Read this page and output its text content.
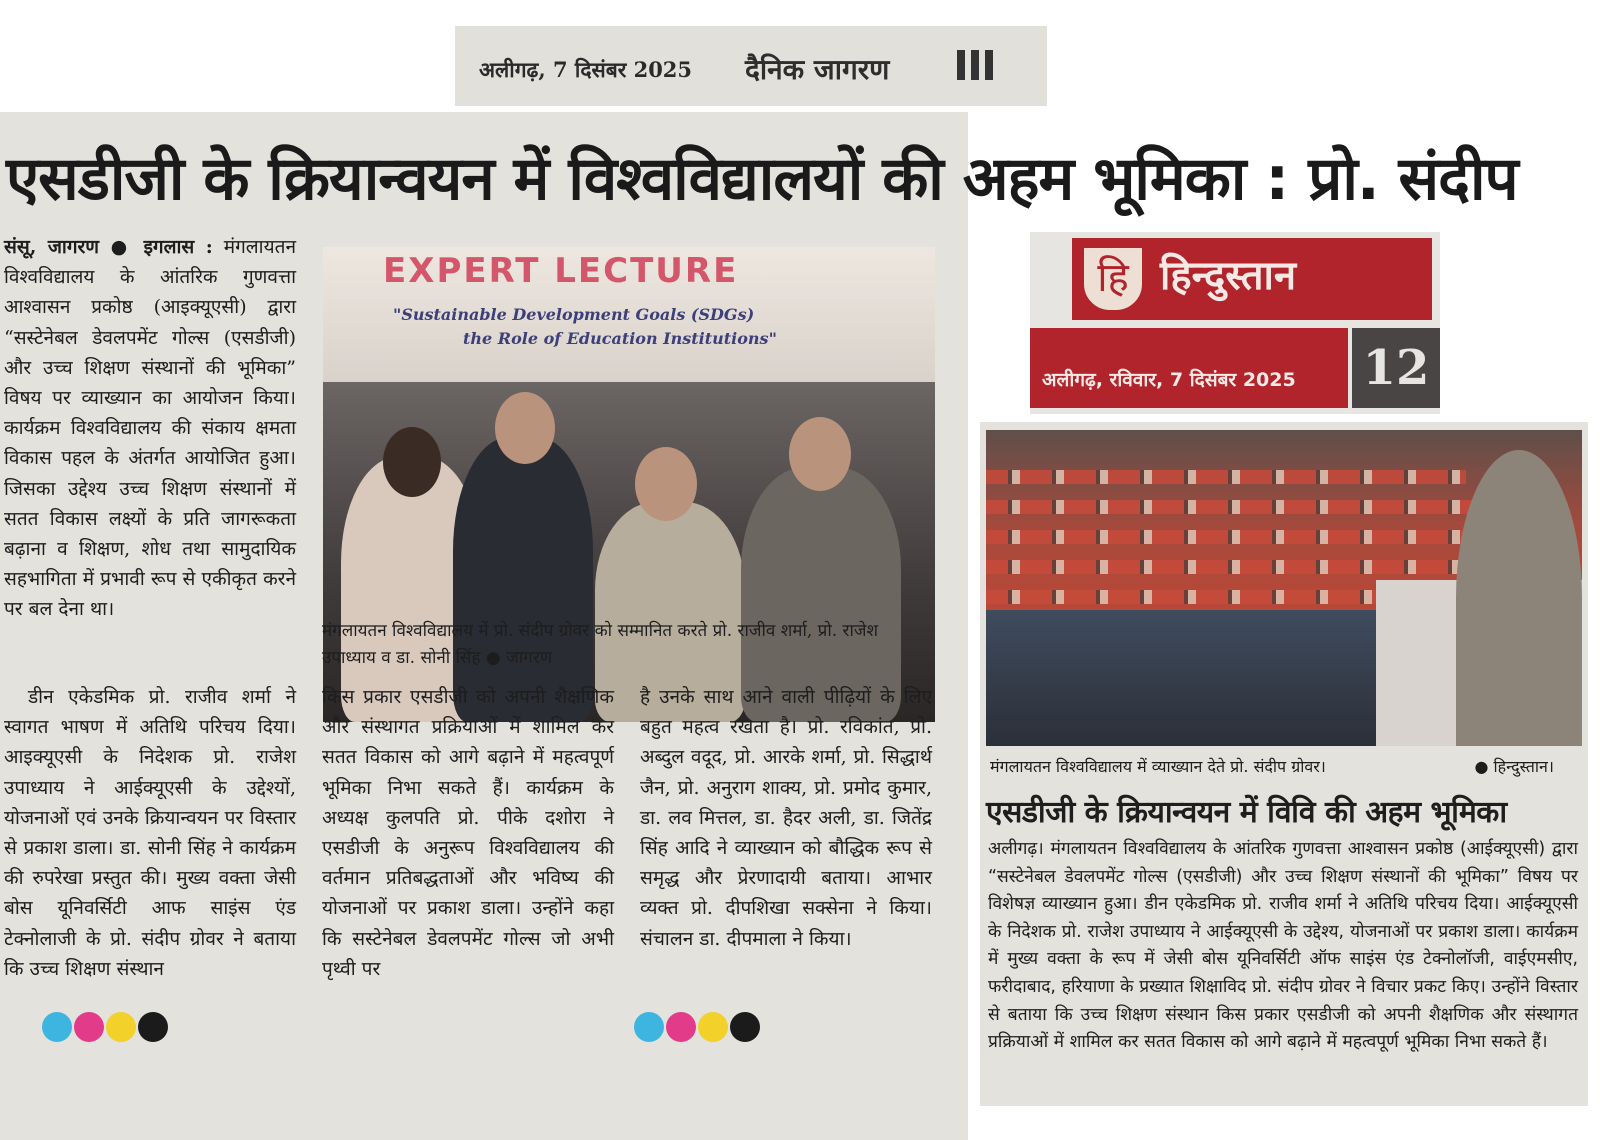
अलीगढ़, 7 दिसंबर 2025 दैनिक जागरण
एसडीजी के क्रियान्वयन में विश्वविद्यालयों की अहम भूमिका : प्रो. संदीप

संसू, जागरण ● इगलास : मंगलायतन विश्वविद्यालय के आंतरिक गुणवत्ता आश्वासन प्रकोष्ठ (आइक्यूएसी) द्वारा “सस्टेनेबल डेवलपमेंट गोल्स (एसडीजी) और उच्च शिक्षण संस्थानों की भूमिका” विषय पर व्याख्यान का आयोजन किया। कार्यक्रम विश्वविद्यालय की संकाय क्षमता विकास पहल के अंतर्गत आयोजित हुआ। जिसका उद्देश्य उच्च शिक्षण संस्थानों में सतत विकास लक्ष्यों के प्रति जागरूकता बढ़ाना व शिक्षण, शोध तथा सामुदायिक सहभागिता में प्रभावी रूप से एकीकृत करने पर बल देना था।

डीन एकेडमिक प्रो. राजीव शर्मा ने स्वागत भाषण में अतिथि परिचय दिया। आइक्यूएसी के निदेशक प्रो. राजेश उपाध्याय ने आईक्यूएसी के उद्देश्यों, योजनाओं एवं उनके क्रियान्वयन पर विस्तार से प्रकाश डाला। डा. सोनी सिंह ने कार्यक्रम की रुपरेखा प्रस्तुत की। मुख्य वक्ता जेसी बोस यूनिवर्सिटी आफ साइंस एंड टेक्नोलाजी के प्रो. संदीप ग्रोवर ने बताया कि उच्च शिक्षण संस्थान

EXPERT LECTURE
"Sustainable Development Goals (SDGs)
the Role of Education Institutions"
मंगलायतन विश्वविद्यालय में प्रो. संदीप ग्रोवर को सम्मानित करते प्रो. राजीव शर्मा, प्रो. राजेश उपाध्याय व डा. सोनी सिंह ● जागरण

किस प्रकार एसडीजी को अपनी शैक्षणिक और संस्थागत प्रक्रियाओं में शामिल कर सतत विकास को आगे बढ़ाने में महत्वपूर्ण भूमिका निभा सकते हैं। कार्यक्रम के अध्यक्ष कुलपति प्रो. पीके दशोरा ने एसडीजी के अनुरूप विश्वविद्यालय की वर्तमान प्रतिबद्धताओं और भविष्य की योजनाओं पर प्रकाश डाला। उन्होंने कहा कि सस्टेनेबल डेवलपमेंट गोल्स जो अभी पृथ्वी पर

है उनके साथ आने वाली पीढ़ियों के लिए बहुत महत्व रखता है। प्रो. रविकांत, प्रो. अब्दुल वदूद, प्रो. आरके शर्मा, प्रो. सिद्धार्थ जैन, प्रो. अनुराग शाक्य, प्रो. प्रमोद कुमार, डा. लव मित्तल, डा. हैदर अली, डा. जितेंद्र सिंह आदि ने व्याख्यान को बौद्धिक रूप से समृद्ध और प्रेरणादायी बताया। आभार व्यक्त प्रो. दीपशिखा सक्सेना ने किया। संचालन डा. दीपमाला ने किया।

हि हिन्दुस्तान
अलीगढ़, रविवार, 7 दिसंबर 2025 12
मंगलायतन विश्वविद्यालय में व्याख्यान देते प्रो. संदीप ग्रोवर।	● हिन्दुस्तान।
एसडीजी के क्रियान्वयन में विवि की अहम भूमिका

अलीगढ़। मंगलायतन विश्वविद्यालय के आंतरिक गुणवत्ता आश्वासन प्रकोष्ठ (आईक्यूएसी) द्वारा “सस्टेनेबल डेवलपमेंट गोल्स (एसडीजी) और उच्च शिक्षण संस्थानों की भूमिका” विषय पर विशेषज्ञ व्याख्यान हुआ। डीन एकेडमिक प्रो. राजीव शर्मा ने अतिथि परिचय दिया। आईक्यूएसी के निदेशक प्रो. राजेश उपाध्याय ने आईक्यूएसी के उद्देश्य, योजनाओं पर प्रकाश डाला। कार्यक्रम में मुख्य वक्ता के रूप में जेसी बोस यूनिवर्सिटी ऑफ साइंस एंड टेक्नोलॉजी, वाईएमसीए, फरीदाबाद, हरियाणा के प्रख्यात शिक्षाविद प्रो. संदीप ग्रोवर ने विचार प्रकट किए। उन्होंने विस्तार से बताया कि उच्च शिक्षण संस्थान किस प्रकार एसडीजी को अपनी शैक्षणिक और संस्थागत प्रक्रियाओं में शामिल कर सतत विकास को आगे बढ़ाने में महत्वपूर्ण भूमिका निभा सकते हैं।
